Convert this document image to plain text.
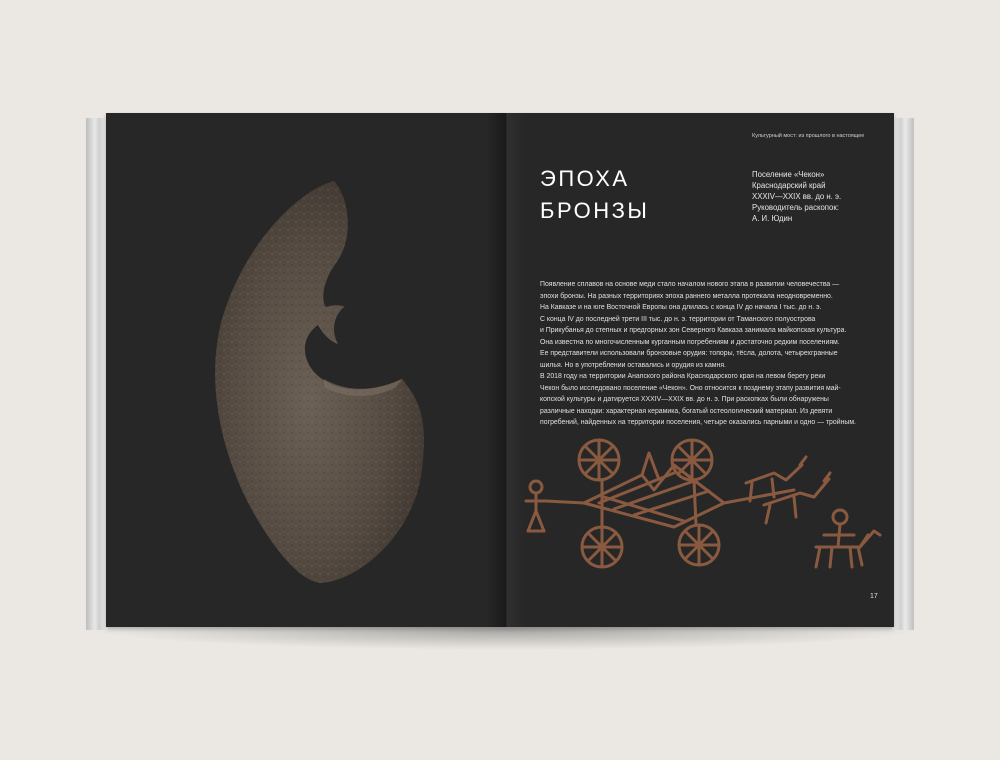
Культурный мост: из прошлого в настоящее
ЭПОХА
БРОНЗЫ
Поселение «Чекон»
Краснодарский край
XXXIV—XXIX вв. до н. э.
Руководитель раскопок:
А. И. Юдин

Появление сплавов на основе меди стало началом нового этапа в развитии человечества —

эпохи бронзы. На разных территориях эпоха раннего металла протекала неодновременно.

На Кавказе и на юге Восточной Европы она длилась с конца IV до начала I тыс. до н. э.

С конца IV до последней трети III тыс. до н. э. территории от Таманского полуострова

и Прикубанья до степных и предгорных зон Северного Кавказа занимала майкопская культура.

Она известна по многочисленным курганным погребениям и достаточно редким поселениям.

Ее представители использовали бронзовые орудия: топоры, тёсла, долота, четырехгранные

шилья. Но в употреблении оставались и орудия из камня.

В 2018 году на территории Анапского района Краснодарского края на левом берегу реки

Чекон было исследовано поселение «Чекон». Оно относится к позднему этапу развития май-

копской культуры и датируется XXXIV—XXIX вв. до н. э. При раскопках были обнаружены

различные находки: характерная керамика, богатый остеологический материал. Из девяти

погребений, найденных на территории поселения, четыре оказались парными и одно — тройным.

17
